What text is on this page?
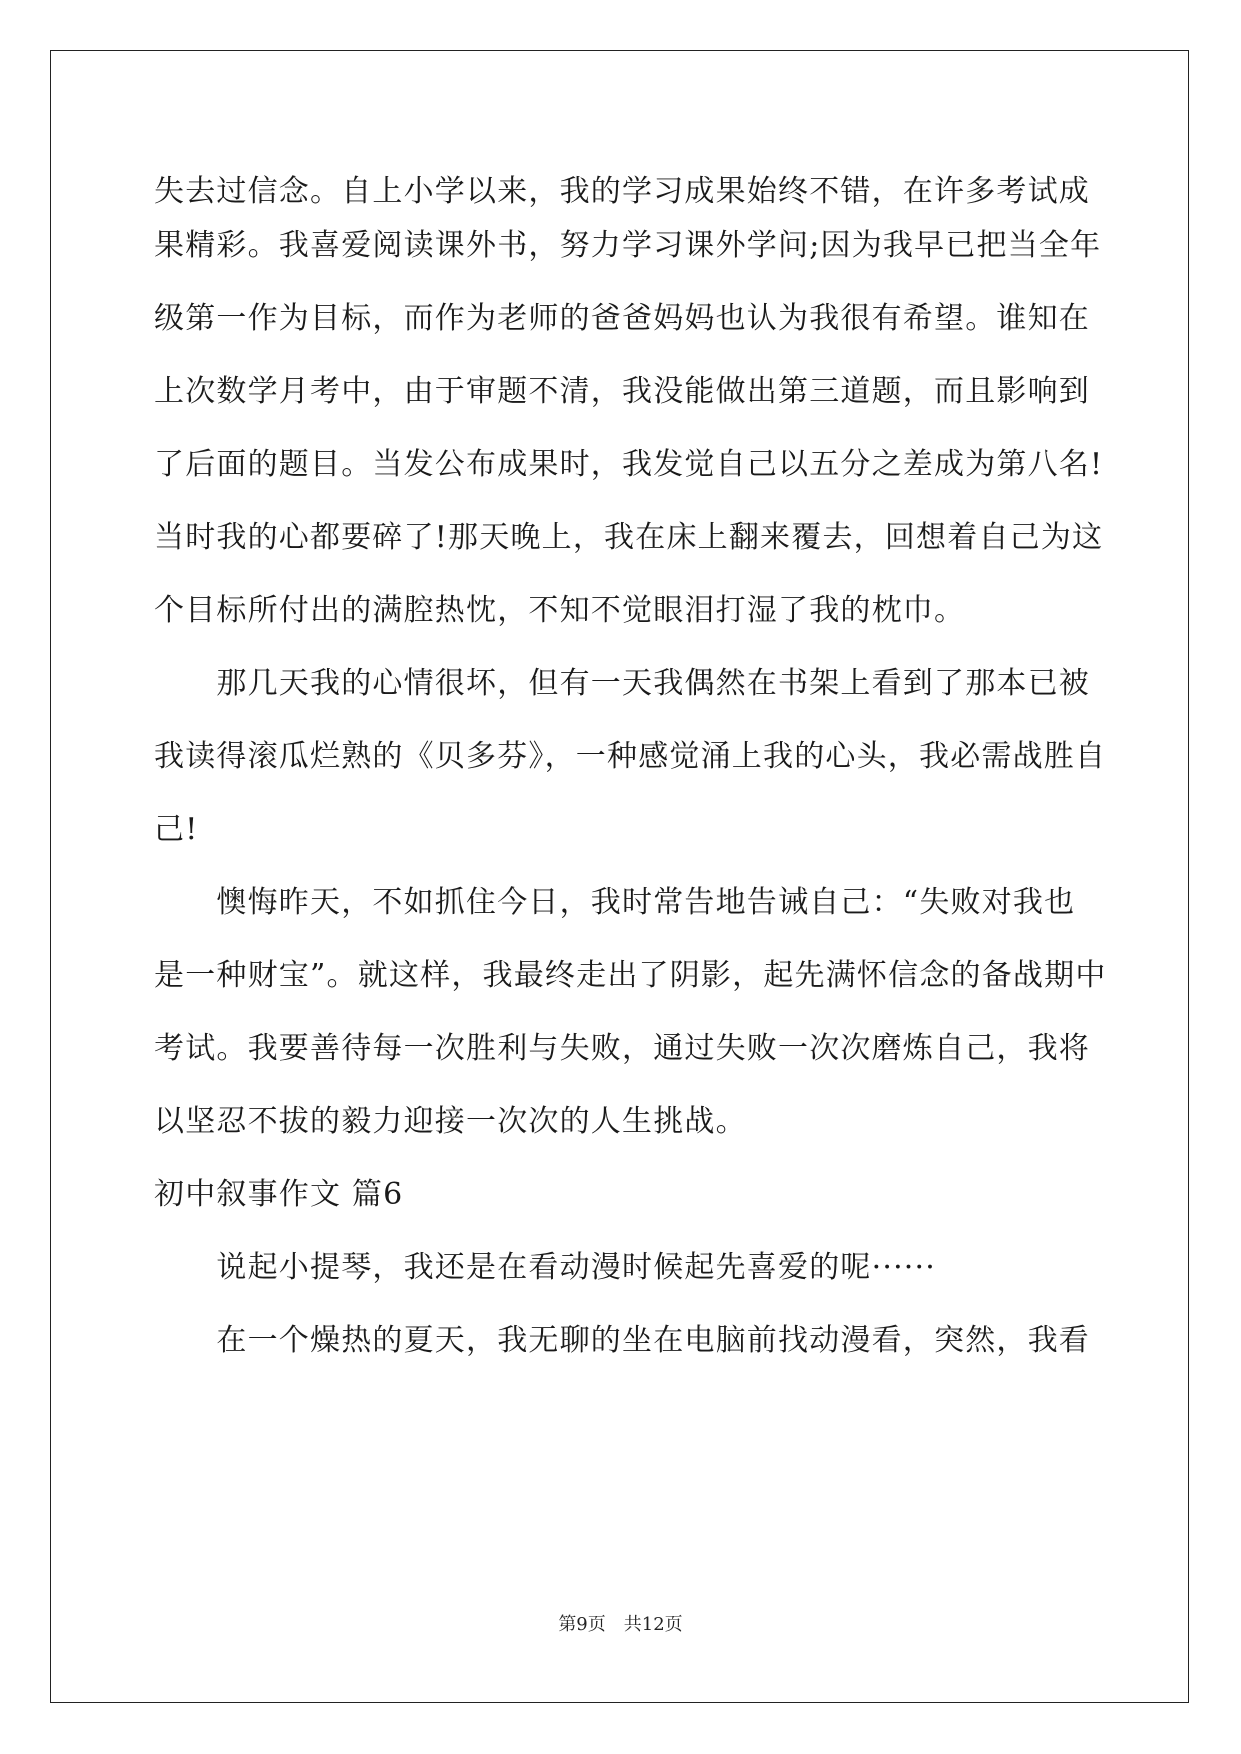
失去过信念。自上小学以来，我的学习成果始终不错，在许多考试成
果精彩。我喜爱阅读课外书，努力学习课外学问;因为我早已把当全年
级第一作为目标，而作为老师的爸爸妈妈也认为我很有希望。谁知在
上次数学月考中，由于审题不清，我没能做出第三道题，而且影响到
了后面的题目。当发公布成果时，我发觉自己以五分之差成为第八名!
当时我的心都要碎了!那天晚上，我在床上翻来覆去，回想着自己为这
个目标所付出的满腔热忱，不知不觉眼泪打湿了我的枕巾。
　　那几天我的心情很坏，但有一天我偶然在书架上看到了那本已被
我读得滚瓜烂熟的《贝多芬》，一种感觉涌上我的心头，我必需战胜自
己!
　　懊悔昨天，不如抓住今日，我时常告地告诫自己：“失败对我也
是一种财宝”。就这样，我最终走出了阴影，起先满怀信念的备战期中
考试。我要善待每一次胜利与失败，通过失败一次次磨炼自己，我将
以坚忍不拔的毅力迎接一次次的人生挑战。
初中叙事作文 篇6
　　说起小提琴，我还是在看动漫时候起先喜爱的呢······
　　在一个燥热的夏天，我无聊的坐在电脑前找动漫看，突然，我看
第9页　共12页
